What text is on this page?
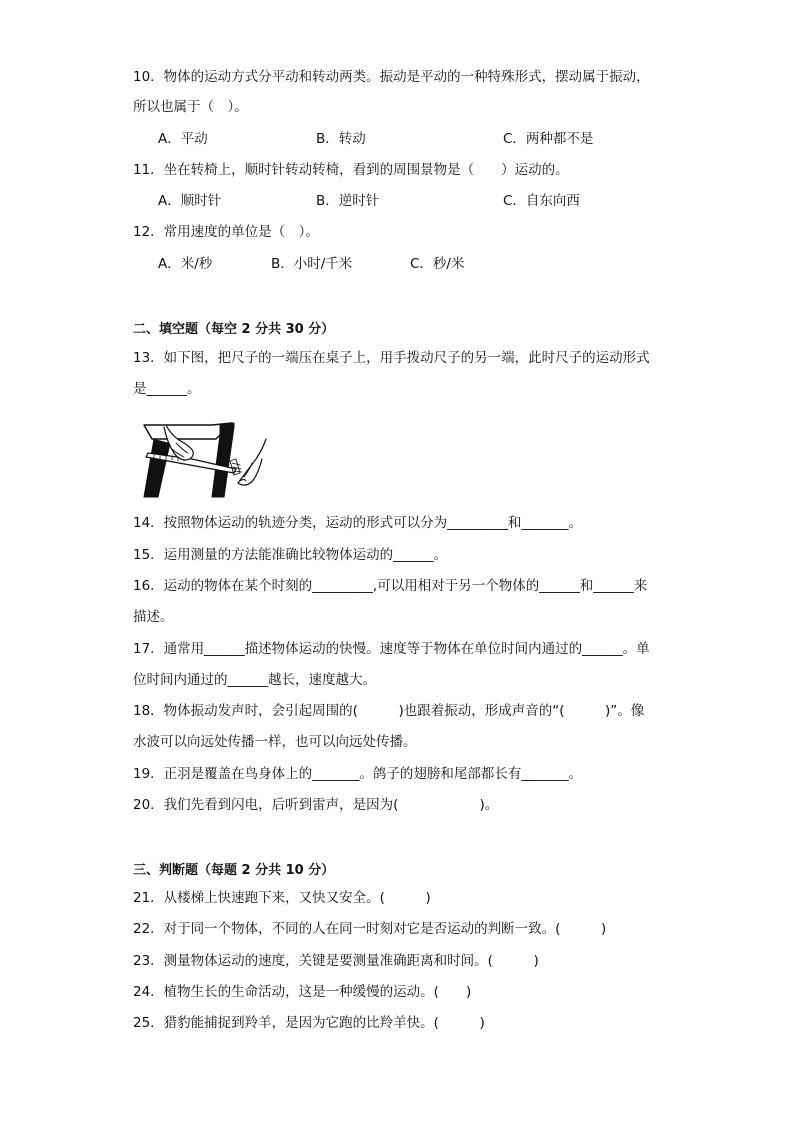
10．物体的运动方式分平动和转动两类。振动是平动的一种特殊形式，摆动属于振动，
所以也属于（　）。
A．平动	B．转动	C．两种都不是
11．坐在转椅上，顺时针转动转椅，看到的周围景物是（　　）运动的。
A．顺时针	B．逆时针	C．自东向西
12．常用速度的单位是（　）。
A．米/秒	B．小时/千米	C．秒/米
二、填空题（每空 2 分共 30 分）
13．如下图，把尺子的一端压在桌子上，用手拨动尺子的另一端，此时尺子的运动形式
是______。
14．按照物体运动的轨迹分类，运动的形式可以分为_________和_______。
15．运用测量的方法能准确比较物体运动的______。
16．运动的物体在某个时刻的_________,可以用相对于另一个物体的______和______来
描述。
17．通常用______描述物体运动的快慢。速度等于物体在单位时间内通过的______。单
位时间内通过的______越长，速度越大。
18．物体振动发声时，会引起周围的(　　　)也跟着振动，形成声音的“(　　　)”。像
水波可以向远处传播一样，也可以向远处传播。
19．正羽是覆盖在鸟身体上的_______。鸽子的翅膀和尾部都长有_______。
20．我们先看到闪电，后听到雷声，是因为(　　　　　　)。
三、判断题（每题 2 分共 10 分）
21．从楼梯上快速跑下来，又快又安全。(　　　)
22．对于同一个物体，不同的人在同一时刻对它是否运动的判断一致。(　　　)
23．测量物体运动的速度，关键是要测量准确距离和时间。(　　　)
24．植物生长的生命活动，这是一种缓慢的运动。(　　)
25．猎豹能捕捉到羚羊，是因为它跑的比羚羊快。(　　　)
